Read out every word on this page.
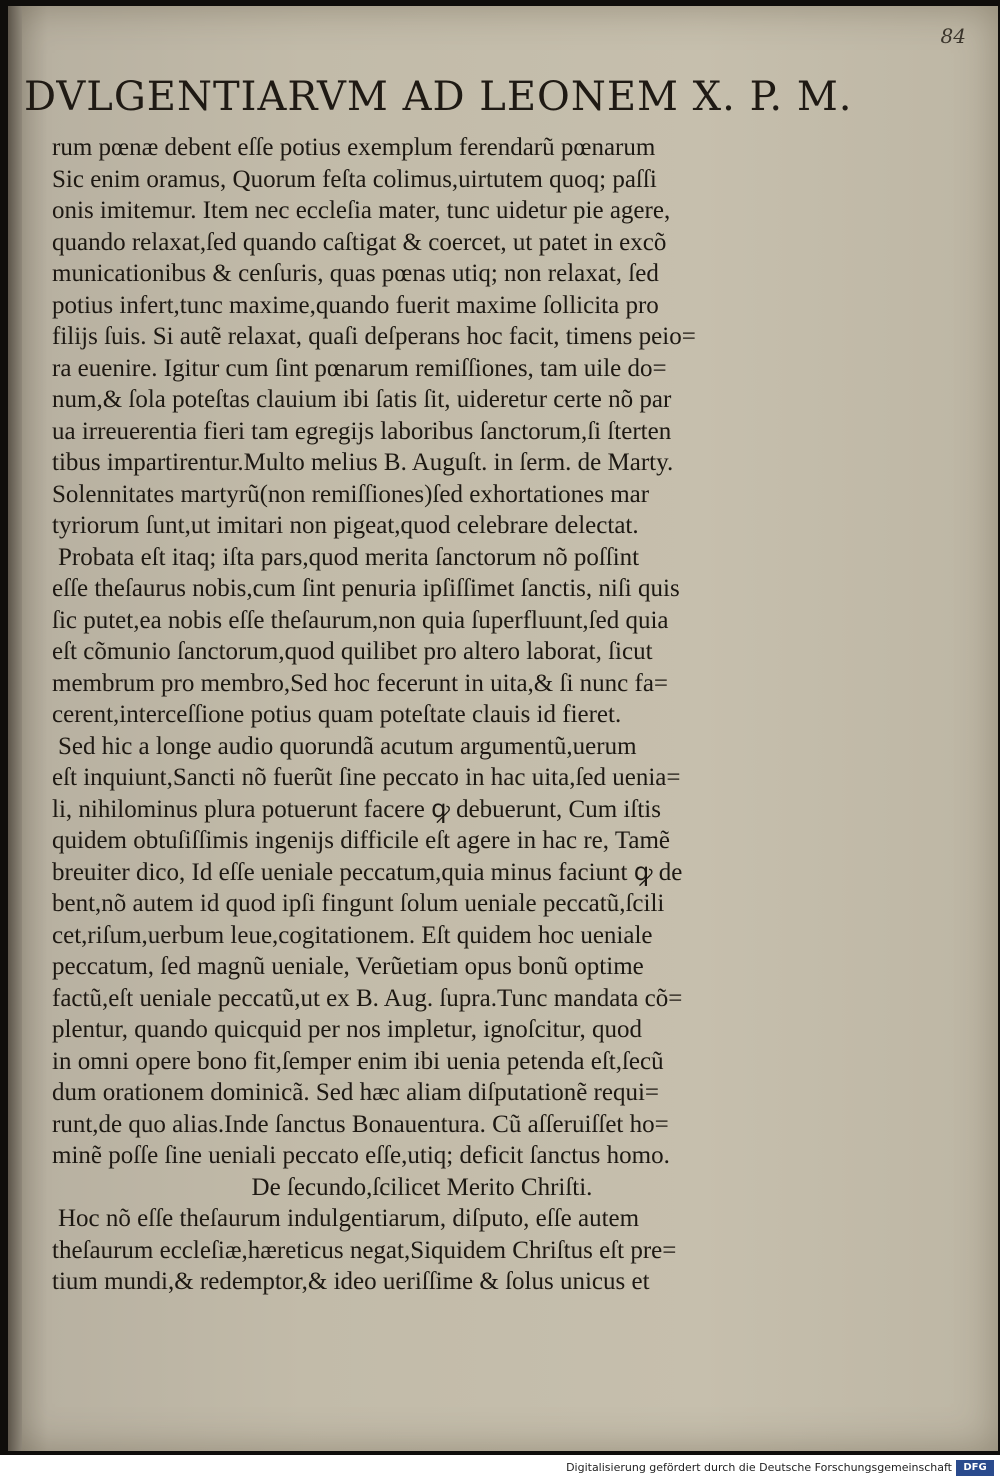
84
DVLGENTIARVM AD LEONEM X. P. M.
rum pœnæ debent eſſe potius exemplum ferendarũ pœnarum
Sic enim oramus, Quorum feſta colimus,uirtutem quoq; paſſi
onis imitemur. Item nec eccleſia mater, tunc uidetur pie agere,
quando relaxat,ſed quando caſtigat & coercet, ut patet in excõ
municationibus & cenſuris, quas pœnas utiq; non relaxat, ſed
potius infert,tunc maxime,quando fuerit maxime ſollicita pro
filijs ſuis. Si autẽ relaxat, quaſi deſperans hoc facit, timens peio=
ra euenire. Igitur cum ſint pœnarum remiſſiones, tam uile do=
num,& ſola poteſtas clauium ibi ſatis ſit, uideretur certe nõ par
ua irreuerentia fieri tam egregijs laboribus ſanctorum,ſi ſterten
tibus impartirentur.Multo melius B. Auguſt. in ſerm. de Marty.
Solennitates martyrũ(non remiſſiones)ſed exhortationes mar
tyriorum ſunt,ut imitari non pigeat,quod celebrare delectat.
Probata eſt itaq; iſta pars,quod merita ſanctorum nõ poſſint
eſſe theſaurus nobis,cum ſint penuria ipſiſſimet ſanctis, niſi quis
ſic putet,ea nobis eſſe theſaurum,non quia ſuperfluunt,ſed quia
eſt cõmunio ſanctorum,quod quilibet pro altero laborat, ſicut
membrum pro membro,Sed hoc fecerunt in uita,& ſi nunc fa=
cerent,interceſſione potius quam poteſtate clauis id fieret.
Sed hic a longe audio quorundã acutum argumentũ,uerum
eſt inquiunt,Sancti nõ fuerũt ſine peccato in hac uita,ſed uenia=
li, nihilominus plura potuerunt facere ꝙ debuerunt, Cum iſtis
quidem obtuſiſſimis ingenijs difficile eſt agere in hac re, Tamẽ
breuiter dico, Id eſſe ueniale peccatum,quia minus faciunt ꝙ de
bent,nõ autem id quod ipſi fingunt ſolum ueniale peccatũ,ſcili
cet,riſum,uerbum leue,cogitationem. Eſt quidem hoc ueniale
peccatum, ſed magnũ ueniale, Verũetiam opus bonũ optime
factũ,eſt ueniale peccatũ,ut ex B. Aug. ſupra.Tunc mandata cõ=
plentur, quando quicquid per nos impletur, ignoſcitur, quod
in omni opere bono fit,ſemper enim ibi uenia petenda eſt,ſecũ
dum orationem dominicã. Sed hæc aliam diſputationẽ requi=
runt,de quo alias.Inde ſanctus Bonauentura. Cũ aſſeruiſſet ho=
minẽ poſſe ſine ueniali peccato eſſe,utiq; deficit ſanctus homo.
De ſecundo,ſcilicet Merito Chriſti.
Hoc nõ eſſe theſaurum indulgentiarum, diſputo, eſſe autem
theſaurum eccleſiæ,hæreticus negat,Siquidem Chriſtus eſt pre=
tium mundi,& redemptor,& ideo ueriſſime & ſolus unicus et
Digitalisierung gefördert durch die Deutsche Forschungsgemeinschaft	DFG
